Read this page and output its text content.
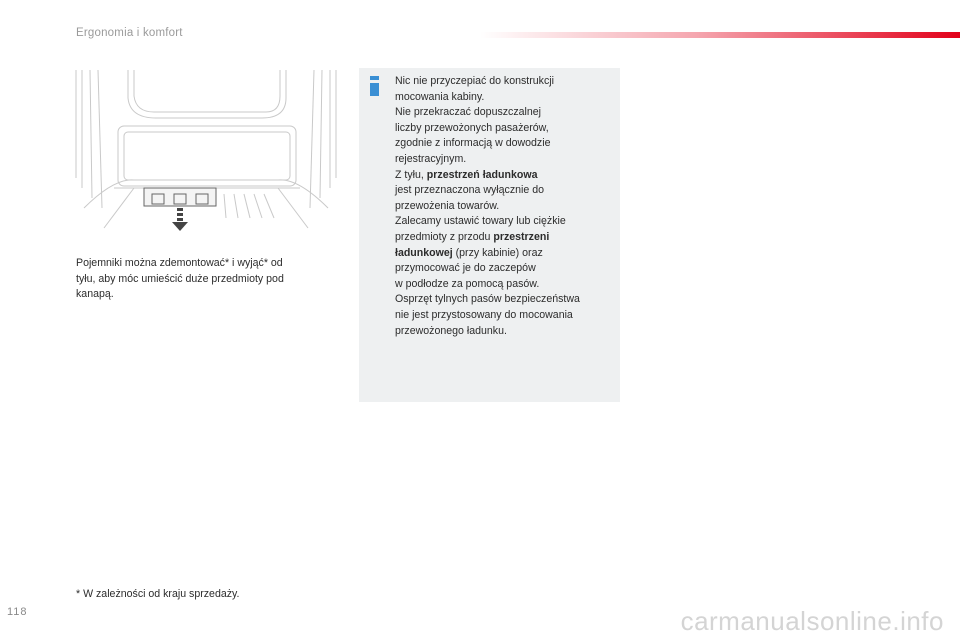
Ergonomia i komfort
Pojemniki można zdemontować* i wyjąć* od
tyłu, aby móc umieścić duże przedmioty pod
kanapą.
Nic nie przyczepiać do konstrukcji
mocowania kabiny.
Nie przekraczać dopuszczalnej
liczby przewożonych pasażerów,
zgodnie z informacją w dowodzie
rejestracyjnym.
Z tyłu, przestrzeń ładunkowa
jest przeznaczona wyłącznie do
przewożenia towarów.
Zalecamy ustawić towary lub ciężkie
przedmioty z przodu przestrzeni
ładunkowej (przy kabinie) oraz
przymocować je do zaczepów
w podłodze za pomocą pasów.
Osprzęt tylnych pasów bezpieczeństwa
nie jest przystosowany do mocowania
przewożonego ładunku.
* W zależności od kraju sprzedaży.
118	carmanualsonline.info
